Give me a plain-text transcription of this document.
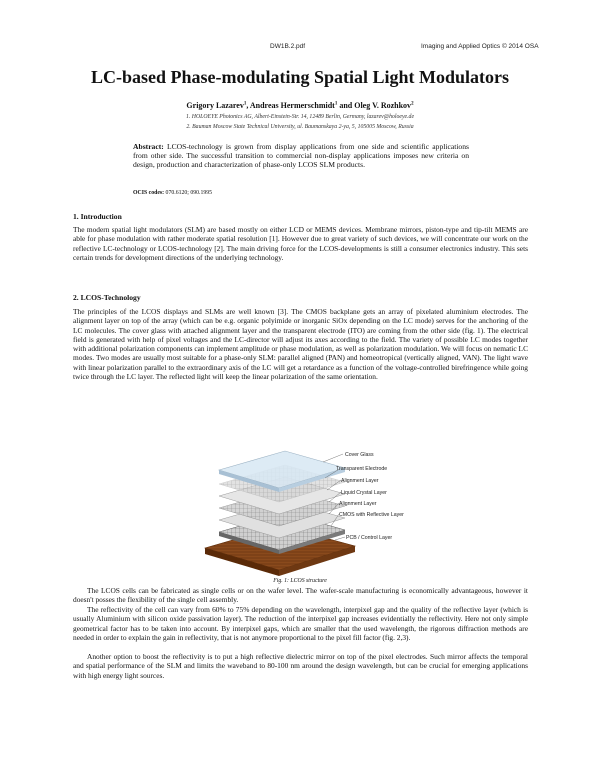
DW1B.2.pdf	Imaging and Applied Optics © 2014 OSA
LC-based Phase-modulating Spatial Light Modulators
Grigory Lazarev$^1$, Andreas Hermerschmidt$^1$ and Oleg V. Rozhkov$^2$
1. HOLOEYE Photonics AG, Albert-Einstein-Str. 14, 12489 Berlin, Germany, lazarev@holoeye.de
2. Bauman Moscow State Technical University, ul. Baumanskaya 2-ya, 5, 105005 Moscow, Russia

Abstract: LCOS-technology is grown from display applications from one side and scientific applications from other side. The successful transition to commercial non-display applications imposes new criteria on design, production and characterization of phase-only LCOS SLM products.

OCIS codes: 070.6120; 090.1995
1. Introduction

The modern spatial light modulators (SLM) are based mostly on either LCD or MEMS devices. Membrane mirrors, piston-type and tip-tilt MEMS are able for phase modulation with rather moderate spatial resolution [1]. However due to great variety of such devices, we will concentrate our work on the reflective LC-technology or LCOS-technology [2]. The main driving force for the LCOS-developments is still a consumer electronics industry. This sets certain trends for development directions of the underlying technology.

2. LCOS-Technology

The principles of the LCOS displays and SLMs are well known [3]. The CMOS backplane gets an array of pixelated aluminium electrodes. The alignment layer on top of the array (which can be e.g. organic polyimide or inorganic SiOx depending on the LC mode) serves for the anchoring of the LC molecules. The cover glass with attached alignment layer and the transparent electrode (ITO) are coming from the other side (fig. 1). The electrical field is generated with help of pixel voltages and the LC-director will adjust its axes according to the field. The variety of possible LC modes together with additional polarization components can implement amplitude or phase modulation, as well as polarization modulation. We will focus on nematic LC modes. Two modes are usually most suitable for a phase-only SLM: parallel aligned (PAN) and homeotropical (vertically aligned, VAN). The light wave with linear polarization parallel to the extraordinary axis of the LC will get a retardance as a function of the voltage-controlled birefringence while going twice through the LC layer. The reflected light will keep the linear polarization of the same orientation.

Cover Glass
Transparent Electrode
Alignment Layer
Liquid Crystal Layer
Alignment Layer
CMOS with Reflective Layer
PCB / Control Layer
Fig. 1: LCOS structure

The LCOS cells can be fabricated as single cells or on the wafer level. The wafer-scale manufacturing is economically advantageous, however it doesn't posses the flexibility of the single cell assembly.

The reflectivity of the cell can vary from 60% to 75% depending on the wavelength, interpixel gap and the quality of the reflective layer (which is usually Aluminium with silicon oxide passivation layer). The reduction of the interpixel gap increases evidentially the reflectivity. Here not only simple geometrical factor has to be taken into account. By interpixel gaps, which are smaller that the used wavelength, the rigorous diffraction methods are needed in order to explain the gain in reflectivity, that is not anymore proportional to the pixel fill factor (fig. 2,3).

Another option to boost the reflectivity is to put a high reflective dielectric mirror on top of the pixel electrodes. Such mirror affects the temporal and spatial performance of the SLM and limits the waveband to 80-100 nm around the design wavelength, but can be crucial for emerging applications with high energy light sources.
